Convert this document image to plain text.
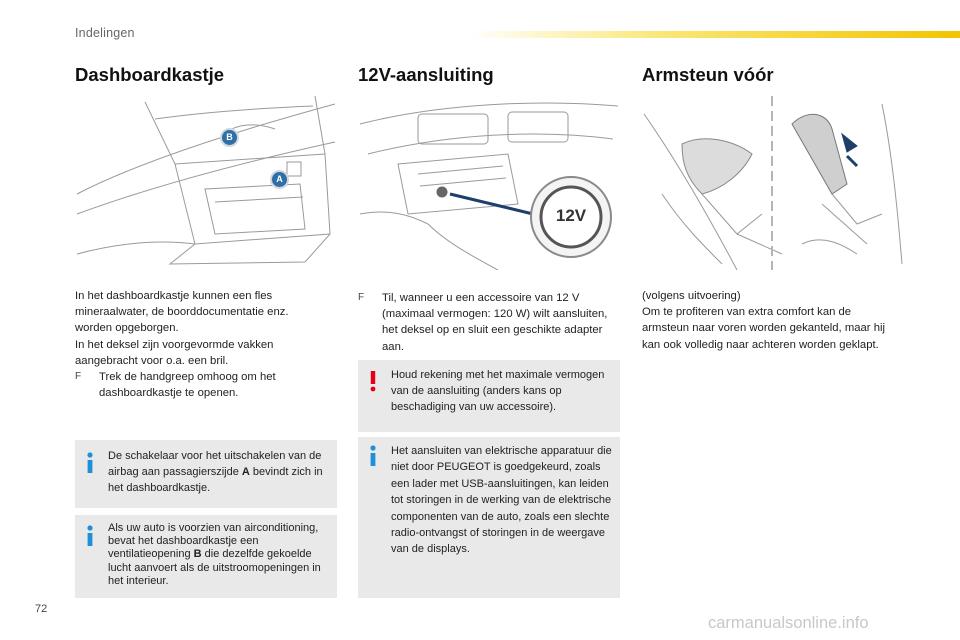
Indelingen
Dashboardkastje
B
A

In het dashboardkastje kunnen een fles mineraalwater, de boorddocumentatie enz. worden opgeborgen.

In het deksel zijn voorgevormde vakken aangebracht voor o.a. een bril.

F	Trek de handgreep omhoog om het dashboardkastje te openen.
De schakelaar voor het uitschakelen van de airbag aan passagierszijde A bevindt zich in het dashboardkastje.
Als uw auto is voorzien van airconditioning, bevat het dashboardkastje een ventilatieopening B die dezelfde gekoelde lucht aanvoert als de uitstroomopeningen in het interieur.
12V-aansluiting
12V
F	Til, wanneer u een accessoire van 12 V (maximaal vermogen: 120 W) wilt aansluiten, het deksel op en sluit een geschikte adapter aan.
Houd rekening met het maximale vermogen van de aansluiting (anders kans op beschadiging van uw accessoire).
Het aansluiten van elektrische apparatuur die niet door PEUGEOT is goedgekeurd, zoals een lader met USB-aansluitingen, kan leiden tot storingen in de werking van de elektrische componenten van de auto, zoals een slechte radio-ontvangst of storingen in de weergave van de displays.
Armsteun vóór

(volgens uitvoering)

Om te profiteren van extra comfort kan de armsteun naar voren worden gekanteld, maar hij kan ook volledig naar achteren worden geklapt.

72
carmanualsonline.info
